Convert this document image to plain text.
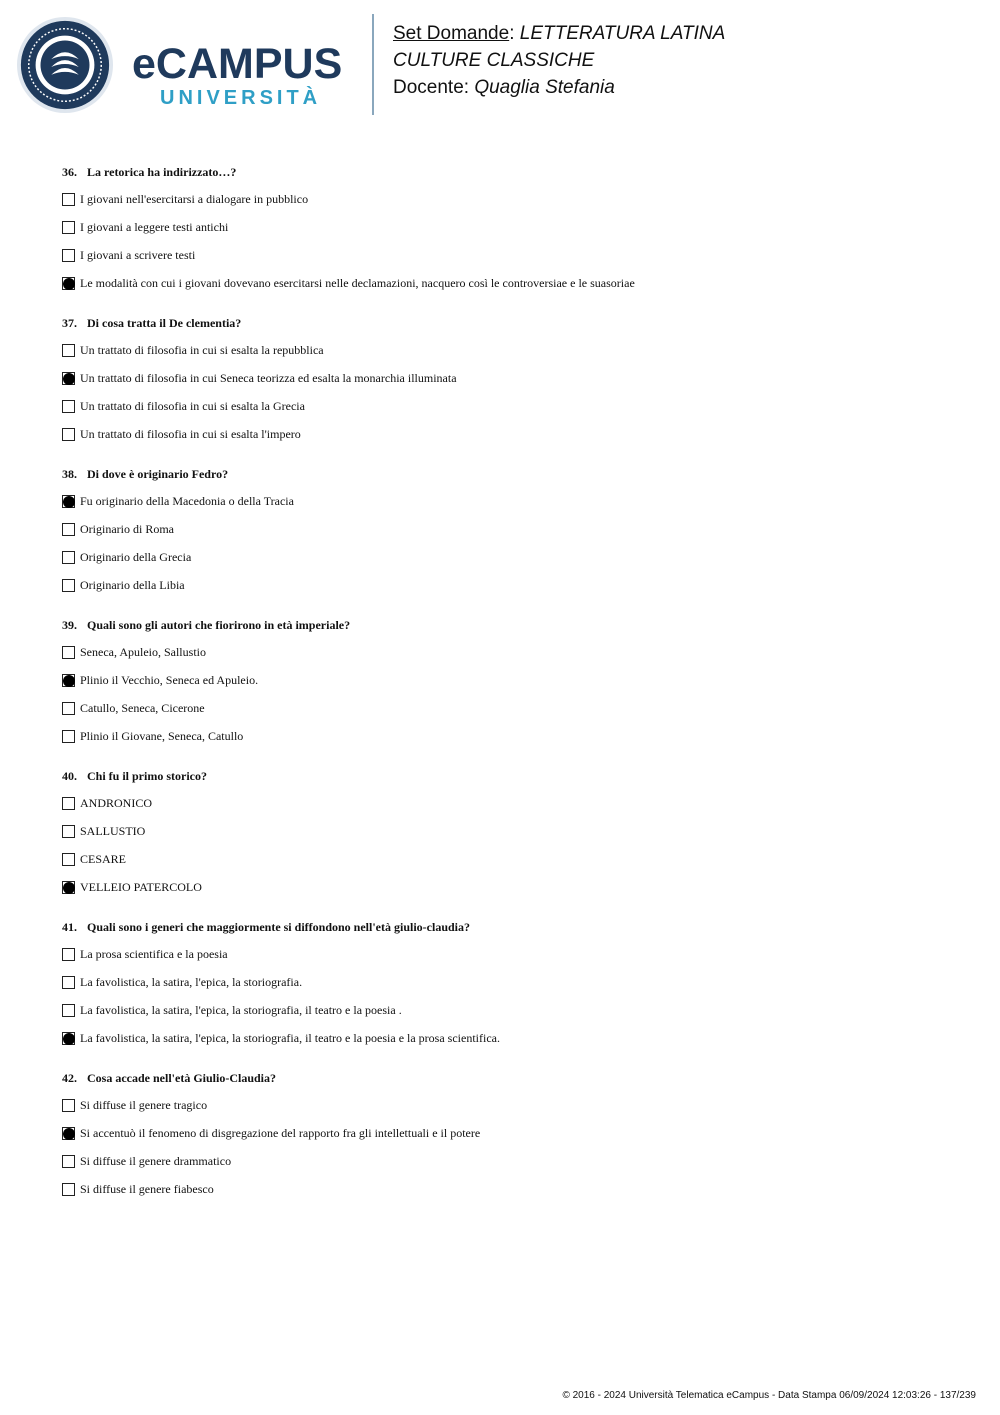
eCAMPUS
UNIVERSITÀ
Set Domande: LETTERATURA LATINA
CULTURE CLASSICHE
Docente: Quaglia Stefania
36. La retorica ha indirizzato…?
I giovani nell'esercitarsi a dialogare in pubblico
I giovani a leggere testi antichi
I giovani a scrivere testi
Le modalità con cui i giovani dovevano esercitarsi nelle declamazioni, nacquero così le controversiae e le suasoriae
37. Di cosa tratta il De clementia?
Un trattato di filosofia in cui si esalta la repubblica
Un trattato di filosofia in cui Seneca teorizza ed esalta la monarchia illuminata
Un trattato di filosofia in cui si esalta la Grecia
Un trattato di filosofia in cui si esalta l'impero
38. Di dove è originario Fedro?
Fu originario della Macedonia o della Tracia
Originario di Roma
Originario della Grecia
Originario della Libia
39. Quali sono gli autori che fiorirono in età imperiale?
Seneca, Apuleio, Sallustio
Plinio il Vecchio, Seneca ed Apuleio.
Catullo, Seneca, Cicerone
Plinio il Giovane, Seneca, Catullo
40. Chi fu il primo storico?
ANDRONICO
SALLUSTIO
CESARE
VELLEIO PATERCOLO
41. Quali sono i generi che maggiormente si diffondono nell'età giulio-claudia?
La prosa scientifica e la poesia
La favolistica, la satira, l'epica, la storiografia.
La favolistica, la satira, l'epica, la storiografia, il teatro e la poesia .
La favolistica, la satira, l'epica, la storiografia, il teatro e la poesia e la prosa scientifica.
42. Cosa accade nell'età Giulio-Claudia?
Si diffuse il genere tragico
Si accentuò il fenomeno di disgregazione del rapporto fra gli intellettuali e il potere
Si diffuse il genere drammatico
Si diffuse il genere fiabesco
© 2016 - 2024 Università Telematica eCampus - Data Stampa 06/09/2024 12:03:26 - 137/239
